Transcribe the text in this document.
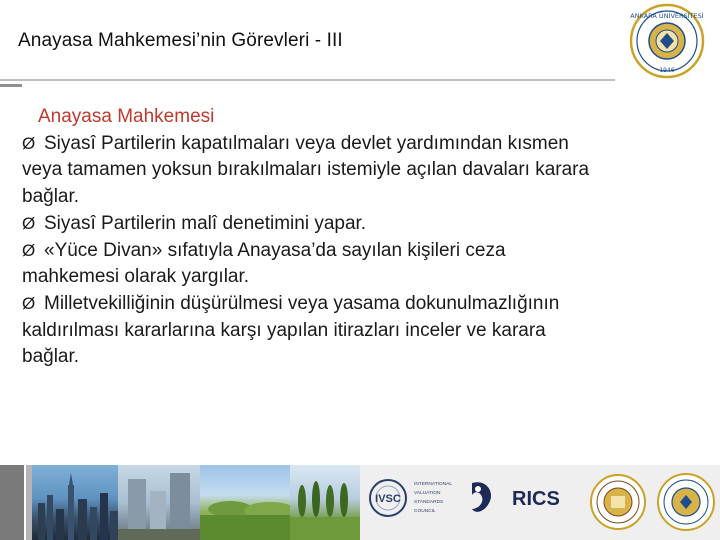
Anayasa Mahkemesi’nin Görevleri - III
ANKARA ÜNİVERSİTESİ
1946
Anayasa Mahkemesi
Ø Siyasî Partilerin kapatılmaları veya devlet yardımından kısmen
veya tamamen yoksun bırakılmaları istemiyle açılan davaları karara
bağlar.
Ø Siyasî Partilerin malî denetimini yapar.
Ø «Yüce Divan» sıfatıyla Anayasa’da sayılan kişileri ceza
mahkemesi olarak yargılar.
Ø Milletvekilliğinin düşürülmesi veya yasama dokunulmazlığının
kaldırılması kararlarına karşı yapılan itirazları inceler ve karara
bağlar.
IVSC
INTERNATIONAL
VALUATION
STANDARDS
COUNCIL
RICS
